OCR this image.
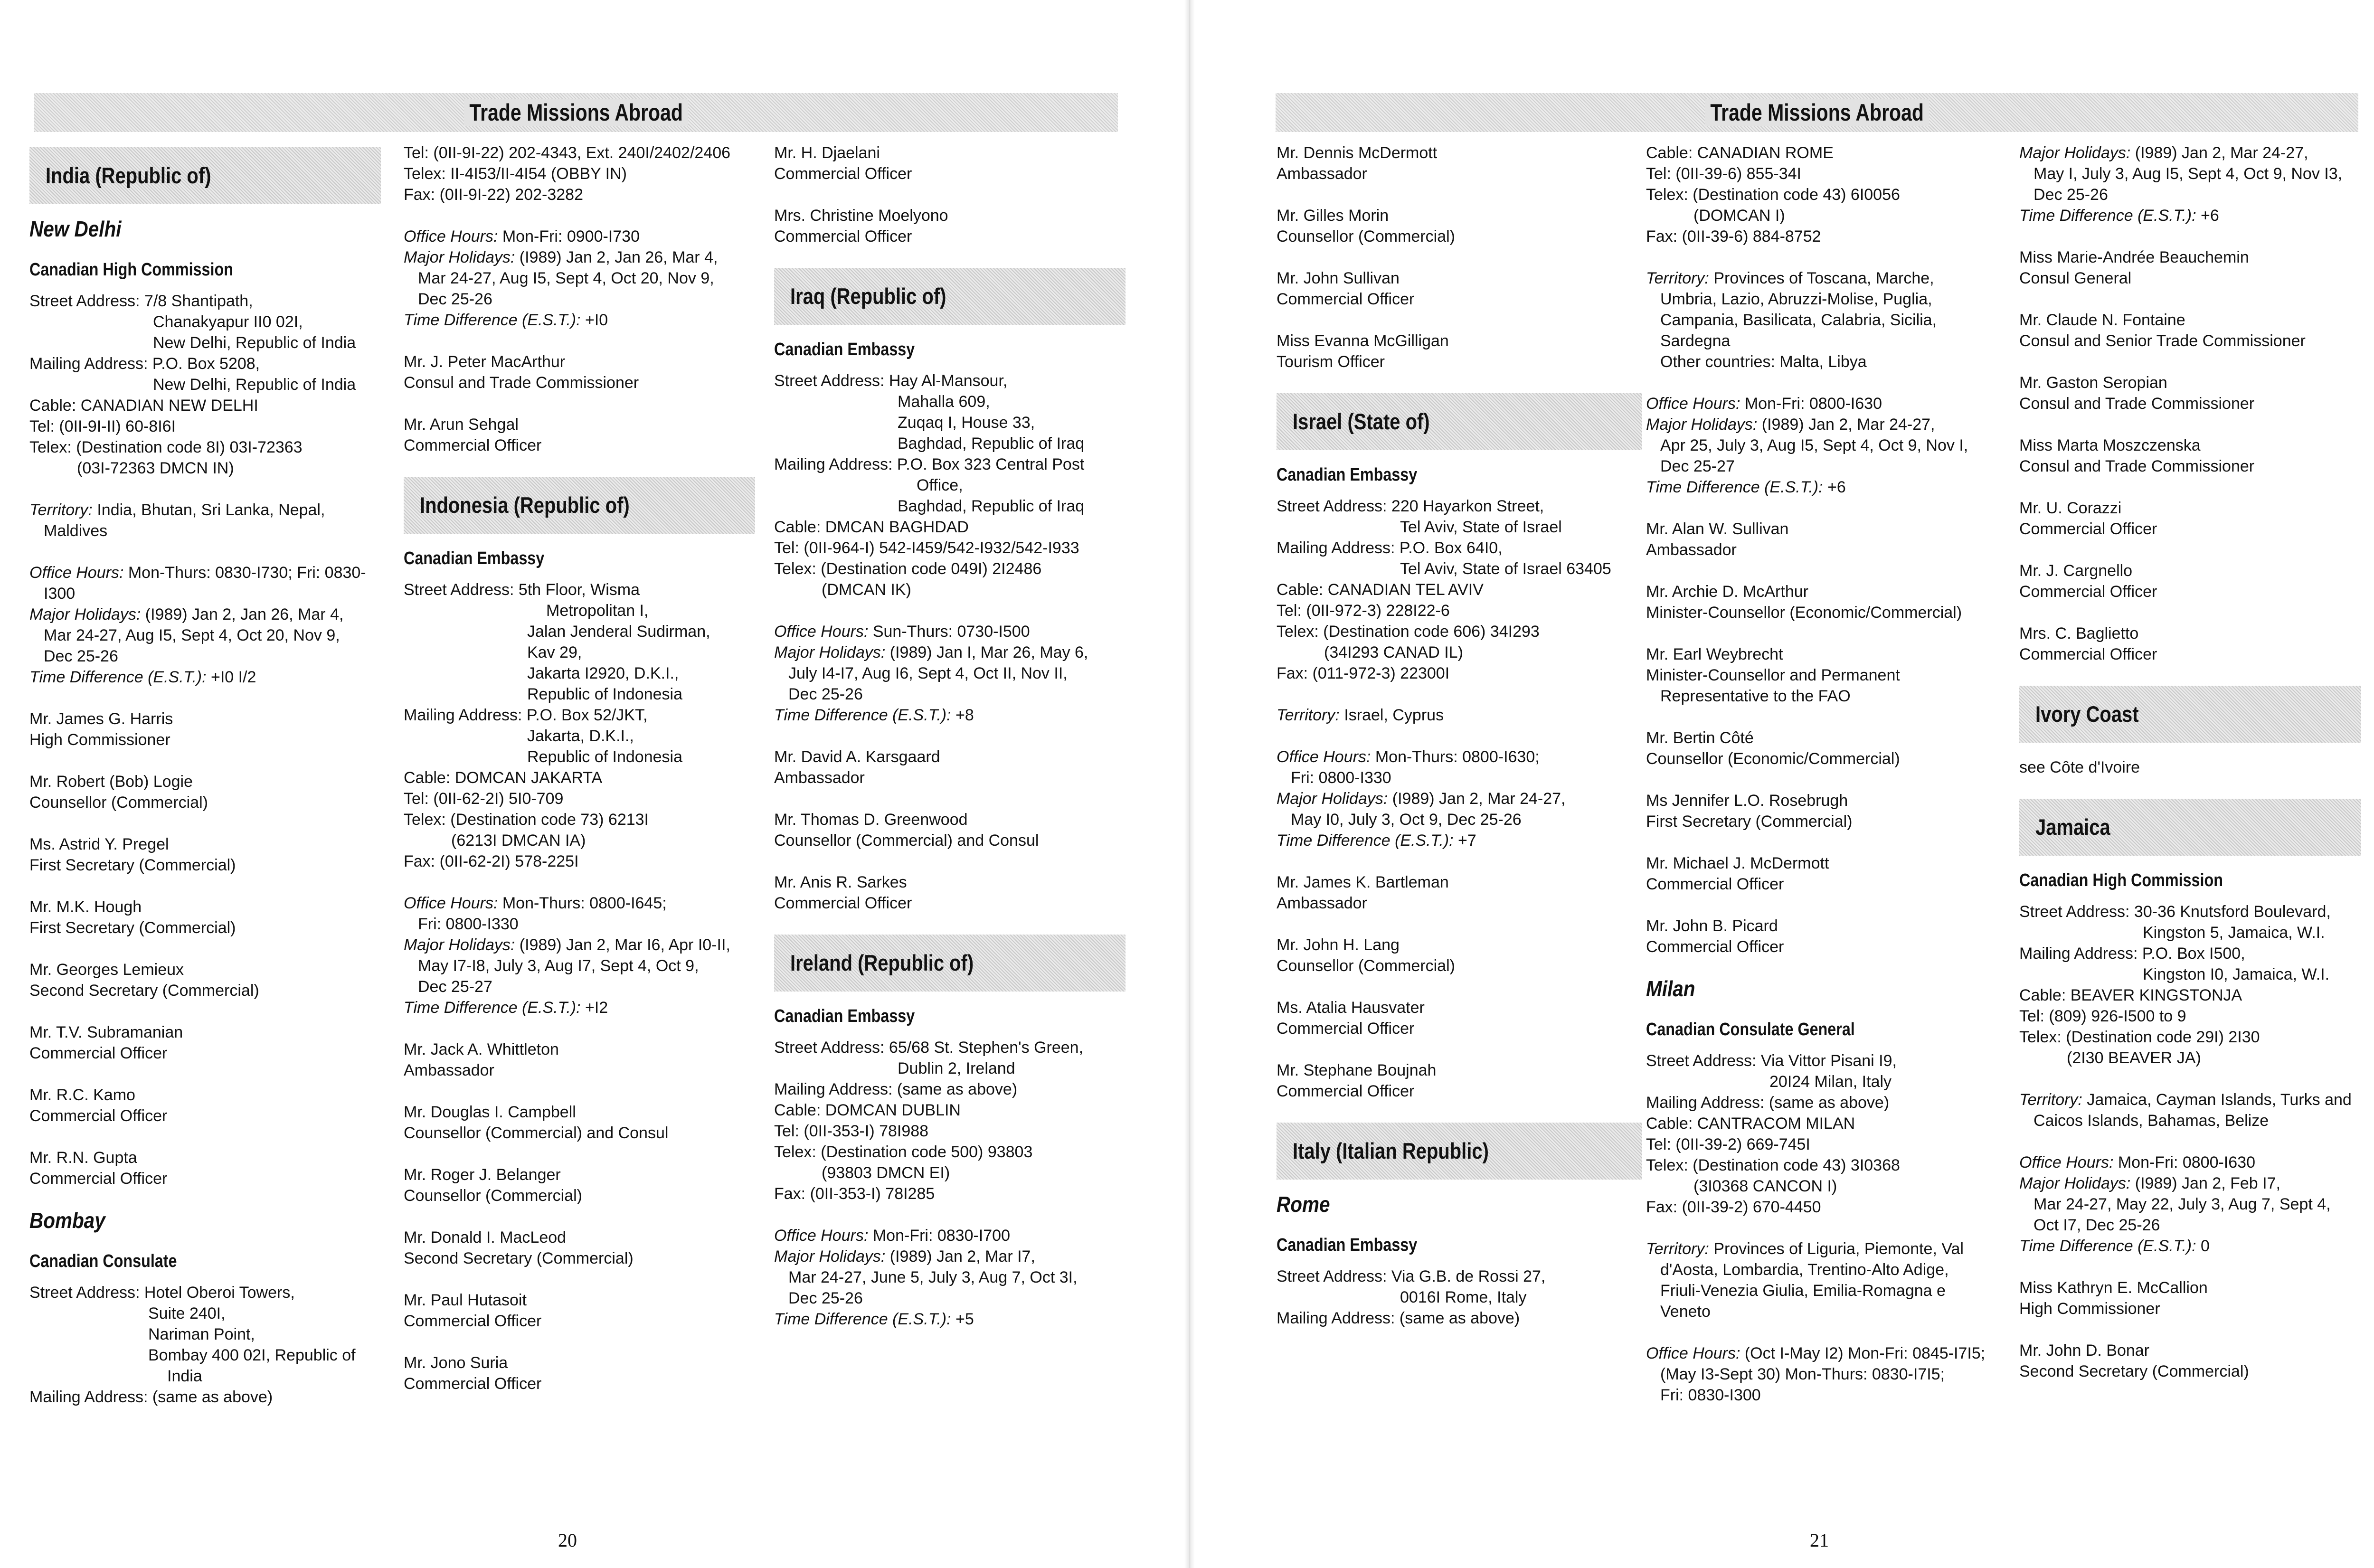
Trade Missions Abroad
India (Republic of)
New Delhi
Canadian High Commission
Street Address: 7/8 Shantipath,
Chanakyapur II0 02I,
New Delhi, Republic of India
Mailing Address: P.O. Box 5208,
New Delhi, Republic of India
Cable: CANADIAN NEW DELHI
Tel: (0II-9I-II) 60-8I6I
Telex: (Destination code 8I) 03I-72363
(03I-72363 DMCN IN)
Territory: India, Bhutan, Sri Lanka, Nepal,
Maldives
Office Hours: Mon-Thurs: 0830-I730; Fri: 0830-
I300
Major Holidays: (I989) Jan 2, Jan 26, Mar 4,
Mar 24-27, Aug I5, Sept 4, Oct 20, Nov 9,
Dec 25-26
Time Difference (E.S.T.): +I0 I/2
Mr. James G. Harris
High Commissioner
Mr. Robert (Bob) Logie
Counsellor (Commercial)
Ms. Astrid Y. Pregel
First Secretary (Commercial)
Mr. M.K. Hough
First Secretary (Commercial)
Mr. Georges Lemieux
Second Secretary (Commercial)
Mr. T.V. Subramanian
Commercial Officer
Mr. R.C. Kamo
Commercial Officer
Mr. R.N. Gupta
Commercial Officer
Bombay
Canadian Consulate
Street Address: Hotel Oberoi Towers,
Suite 240I,
Nariman Point,
Bombay 400 02I, Republic of
India
Mailing Address: (same as above)
Tel: (0II-9I-22) 202-4343, Ext. 240I/2402/2406
Telex: II-4I53/II-4I54 (OBBY IN)
Fax: (0II-9I-22) 202-3282
Office Hours: Mon-Fri: 0900-I730
Major Holidays: (I989) Jan 2, Jan 26, Mar 4,
Mar 24-27, Aug I5, Sept 4, Oct 20, Nov 9,
Dec 25-26
Time Difference (E.S.T.): +I0
Mr. J. Peter MacArthur
Consul and Trade Commissioner
Mr. Arun Sehgal
Commercial Officer
Indonesia (Republic of)
Canadian Embassy
Street Address: 5th Floor, Wisma
Metropolitan I,
Jalan Jenderal Sudirman,
Kav 29,
Jakarta I2920, D.K.I.,
Republic of Indonesia
Mailing Address: P.O. Box 52/JKT,
Jakarta, D.K.I.,
Republic of Indonesia
Cable: DOMCAN JAKARTA
Tel: (0II-62-2I) 5I0-709
Telex: (Destination code 73) 6213I
(6213I DMCAN IA)
Fax: (0II-62-2I) 578-225I
Office Hours: Mon-Thurs: 0800-I645;
Fri: 0800-I330
Major Holidays: (I989) Jan 2, Mar I6, Apr I0-II,
May I7-I8, July 3, Aug I7, Sept 4, Oct 9,
Dec 25-27
Time Difference (E.S.T.): +I2
Mr. Jack A. Whittleton
Ambassador
Mr. Douglas I. Campbell
Counsellor (Commercial) and Consul
Mr. Roger J. Belanger
Counsellor (Commercial)
Mr. Donald I. MacLeod
Second Secretary (Commercial)
Mr. Paul Hutasoit
Commercial Officer
Mr. Jono Suria
Commercial Officer
Mr. H. Djaelani
Commercial Officer
Mrs. Christine Moelyono
Commercial Officer
Iraq (Republic of)
Canadian Embassy
Street Address: Hay Al-Mansour,
Mahalla 609,
Zuqaq I, House 33,
Baghdad, Republic of Iraq
Mailing Address: P.O. Box 323 Central Post
Office,
Baghdad, Republic of Iraq
Cable: DMCAN BAGHDAD
Tel: (0II-964-I) 542-I459/542-I932/542-I933
Telex: (Destination code 049I) 2I2486
(DMCAN IK)
Office Hours: Sun-Thurs: 0730-I500
Major Holidays: (I989) Jan I, Mar 26, May 6,
July I4-I7, Aug I6, Sept 4, Oct II, Nov II,
Dec 25-26
Time Difference (E.S.T.): +8
Mr. David A. Karsgaard
Ambassador
Mr. Thomas D. Greenwood
Counsellor (Commercial) and Consul
Mr. Anis R. Sarkes
Commercial Officer
Ireland (Republic of)
Canadian Embassy
Street Address: 65/68 St. Stephen's Green,
Dublin 2, Ireland
Mailing Address: (same as above)
Cable: DOMCAN DUBLIN
Tel: (0II-353-I) 78I988
Telex: (Destination code 500) 93803
(93803 DMCN EI)
Fax: (0II-353-I) 78I285
Office Hours: Mon-Fri: 0830-I700
Major Holidays: (I989) Jan 2, Mar I7,
Mar 24-27, June 5, July 3, Aug 7, Oct 3I,
Dec 25-26
Time Difference (E.S.T.): +5
20
Trade Missions Abroad
Mr. Dennis McDermott
Ambassador
Mr. Gilles Morin
Counsellor (Commercial)
Mr. John Sullivan
Commercial Officer
Miss Evanna McGilligan
Tourism Officer
Israel (State of)
Canadian Embassy
Street Address: 220 Hayarkon Street,
Tel Aviv, State of Israel
Mailing Address: P.O. Box 64I0,
Tel Aviv, State of Israel 63405
Cable: CANADIAN TEL AVIV
Tel: (0II-972-3) 228I22-6
Telex: (Destination code 606) 34I293
(34I293 CANAD IL)
Fax: (011-972-3) 22300I
Territory: Israel, Cyprus
Office Hours: Mon-Thurs: 0800-I630;
Fri: 0800-I330
Major Holidays: (I989) Jan 2, Mar 24-27,
May I0, July 3, Oct 9, Dec 25-26
Time Difference (E.S.T.): +7
Mr. James K. Bartleman
Ambassador
Mr. John H. Lang
Counsellor (Commercial)
Ms. Atalia Hausvater
Commercial Officer
Mr. Stephane Boujnah
Commercial Officer
Italy (Italian Republic)
Rome
Canadian Embassy
Street Address: Via G.B. de Rossi 27,
0016I Rome, Italy
Mailing Address: (same as above)
Cable: CANADIAN ROME
Tel: (0II-39-6) 855-34I
Telex: (Destination code 43) 6I0056
(DOMCAN I)
Fax: (0II-39-6) 884-8752
Territory: Provinces of Toscana, Marche,
Umbria, Lazio, Abruzzi-Molise, Puglia,
Campania, Basilicata, Calabria, Sicilia,
Sardegna
Other countries: Malta, Libya
Office Hours: Mon-Fri: 0800-I630
Major Holidays: (I989) Jan 2, Mar 24-27,
Apr 25, July 3, Aug I5, Sept 4, Oct 9, Nov I,
Dec 25-27
Time Difference (E.S.T.): +6
Mr. Alan W. Sullivan
Ambassador
Mr. Archie D. McArthur
Minister-Counsellor (Economic/Commercial)
Mr. Earl Weybrecht
Minister-Counsellor and Permanent
Representative to the FAO
Mr. Bertin Côté
Counsellor (Economic/Commercial)
Ms Jennifer L.O. Rosebrugh
First Secretary (Commercial)
Mr. Michael J. McDermott
Commercial Officer
Mr. John B. Picard
Commercial Officer
Milan
Canadian Consulate General
Street Address: Via Vittor Pisani I9,
20I24 Milan, Italy
Mailing Address: (same as above)
Cable: CANTRACOM MILAN
Tel: (0II-39-2) 669-745I
Telex: (Destination code 43) 3I0368
(3I0368 CANCON I)
Fax: (0II-39-2) 670-4450
Territory: Provinces of Liguria, Piemonte, Val
d'Aosta, Lombardia, Trentino-Alto Adige,
Friuli-Venezia Giulia, Emilia-Romagna e
Veneto
Office Hours: (Oct I-May I2) Mon-Fri: 0845-I7I5;
(May I3-Sept 30) Mon-Thurs: 0830-I7I5;
Fri: 0830-I300
Major Holidays: (I989) Jan 2, Mar 24-27,
May I, July 3, Aug I5, Sept 4, Oct 9, Nov I3,
Dec 25-26
Time Difference (E.S.T.): +6
Miss Marie-Andrée Beauchemin
Consul General
Mr. Claude N. Fontaine
Consul and Senior Trade Commissioner
Mr. Gaston Seropian
Consul and Trade Commissioner
Miss Marta Moszczenska
Consul and Trade Commissioner
Mr. U. Corazzi
Commercial Officer
Mr. J. Cargnello
Commercial Officer
Mrs. C. Baglietto
Commercial Officer
Ivory Coast
see Côte d'Ivoire
Jamaica
Canadian High Commission
Street Address: 30-36 Knutsford Boulevard,
Kingston 5, Jamaica, W.I.
Mailing Address: P.O. Box I500,
Kingston I0, Jamaica, W.I.
Cable: BEAVER KINGSTONJA
Tel: (809) 926-I500 to 9
Telex: (Destination code 29I) 2I30
(2I30 BEAVER JA)
Territory: Jamaica, Cayman Islands, Turks and
Caicos Islands, Bahamas, Belize
Office Hours: Mon-Fri: 0800-I630
Major Holidays: (I989) Jan 2, Feb I7,
Mar 24-27, May 22, July 3, Aug 7, Sept 4,
Oct I7, Dec 25-26
Time Difference (E.S.T.): 0
Miss Kathryn E. McCallion
High Commissioner
Mr. John D. Bonar
Second Secretary (Commercial)
21
